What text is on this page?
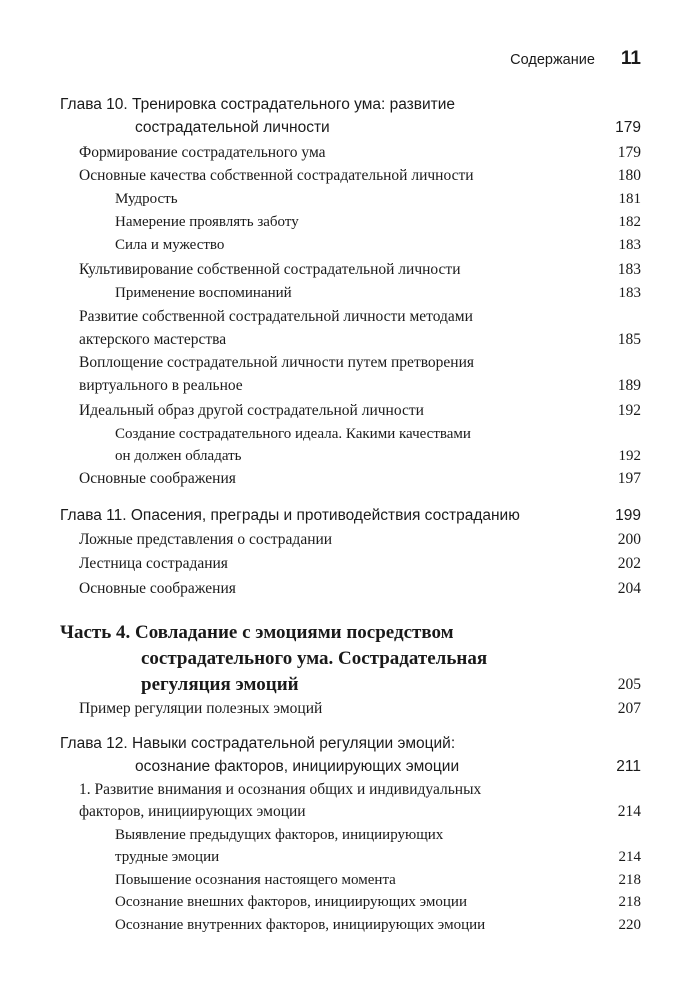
Содержание 11
Глава 10. Тренировка сострадательного ума: развитие
сострадательной личности	179
Формирование сострадательного ума	179
Основные качества собственной сострадательной личности	180
Мудрость	181
Намерение проявлять заботу	182
Сила и мужество	183
Культивирование собственной сострадательной личности	183
Применение воспоминаний	183
Развитие собственной сострадательной личности методами
актерского мастерства	185
Воплощение сострадательной личности путем претворения
виртуального в реальное	189
Идеальный образ другой сострадательной личности	192
Создание сострадательного идеала. Какими качествами
он должен обладать	192
Основные соображения	197
Глава 11. Опасения, преграды и противодействия состраданию	199
Ложные представления о сострадании	200
Лестница сострадания	202
Основные соображения	204
Часть 4. Совладание с эмоциями посредством
сострадательного ума. Сострадательная
регуляция эмоций	205
Пример регуляции полезных эмоций	207
Глава 12. Навыки сострадательной регуляции эмоций:
осознание факторов, инициирующих эмоции	211
1. Развитие внимания и осознания общих и индивидуальных
факторов, инициирующих эмоции	214
Выявление предыдущих факторов, инициирующих
трудные эмоции	214
Повышение осознания настоящего момента	218
Осознание внешних факторов, инициирующих эмоции	218
Осознание внутренних факторов, инициирующих эмоции	220
